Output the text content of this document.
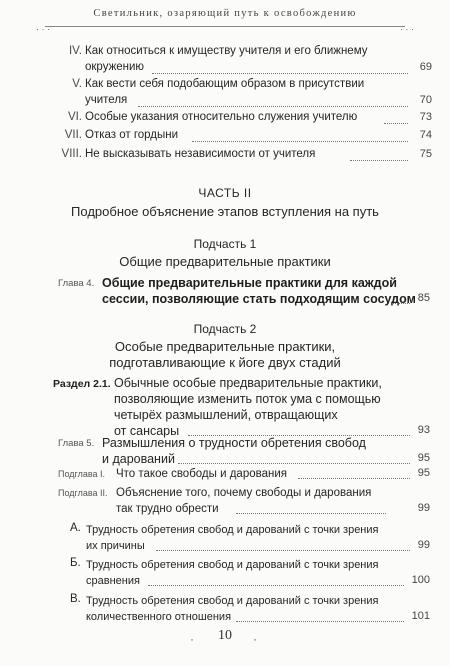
Светильник, озаряющий путь к освобождению
· · ·	· · ·
IV. Как относиться к имуществу учителя и его ближнему
окружению	69
V. Как вести себя подобающим образом в присутствии
учителя	70
VI. Особые указания относительно служения учителю	73
VII. Отказ от гордыни	74
VIII. Не высказывать независимости от учителя	75
ЧАСТЬ II
Подробное объяснение этапов вступления на путь
Подчасть 1
Общие предварительные практики
Глава 4. Общие предварительные практики для каждой
сессии, позволяющие стать подходящим сосудом 85
Подчасть 2
Особые предварительные практики,
подготавливающие к йоге двух стадий
Раздел 2.1. Обычные особые предварительные практики,
позволяющие изменить поток ума с помощью
четырёх размышлений, отвращающих
от сансары	93
Глава 5. Размышления о трудности обретения свобод
и дарований	95
Подглава I. Что такое свободы и дарования	95
Подглава II. Объяснение того, почему свободы и дарования
так трудно обрести	99
А. Трудность обретения свобод и дарований с точки зрения
их причины	99
Б. Трудность обретения свобод и дарований с точки зрения
сравнения	100
В. Трудность обретения свобод и дарований с точки зрения
количественного отношения	101
·	10	·
